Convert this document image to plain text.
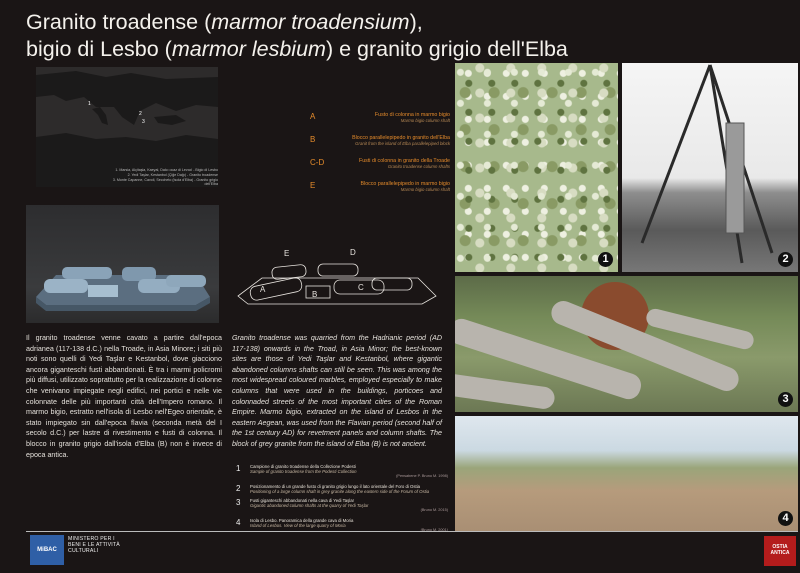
Granito troadense (marmor troadensium),
bigio di Lesbo (marmor lesbium) e granito grigio dell'Elba
1
2
3
1. Marsia, Alçitaşla, Kaeyal, Dalcı ocaz di Levıcıl - Bigio di Lesbo
2. Yedi Taşlar, Kestanbol (Çiğe Dağı) - Granito troadense
3. Monte Capanne, Cavoli, Seccheto (Isola d'Elba) - Granito grigio dell'Elba
A	Fusto di colonna in marmo bigio
Marmo bigio column shaft
B	Blocco parallelepipedo in granito dell'Elba
Granit from the island of Elba parallelepiped block
C-D	Fusti di colonna in granito della Troade
Granito troadense column shafts
E	Blocco parallelepipedo in marmo bigio
Marmo bigio column shaft
A
B
C
D
E
Il granito troadense venne cavato a partire dall'epoca adrianea (117-138 d.C.) nella Troade, in Asia Minore; i siti più noti sono quelli di Yedi Taşlar e Kestanbol, dove giacciono ancora giganteschi fusti abbandonati. È tra i marmi policromi più diffusi, utilizzato soprattutto per la realizzazione di colonne che venivano impiegate negli edifici, nei portici e nelle vie colonnate delle più importanti città dell'Impero romano. Il marmo bigio, estratto nell'isola di Lesbo nell'Egeo orientale, è stato impiegato sin dall'epoca flavia (seconda metà del I secolo d.C.) per lastre di rivestimento e fusti di colonna. Il blocco in granito grigio dall'isola d'Elba (B) non è invece di epoca antica.
Granito troadense was quarried from the Hadrianic period (AD 117-138) onwards in the Troad, in Asia Minor; the best-known sites are those of Yedi Taşlar and Kestanbol, where gigantic abandoned columns shafts can still be seen. This was among the most widespread coloured marbles, employed especially to make columns that were used in the buildings, porticoes and colonnaded streets of the most important cities of the Roman Empire. Marmo bigio, extracted on the island of Lesbos in the eastern Aegean, was used from the Flavian period (second half of the 1st century AD) for revetment panels and column shafts. The block of grey granite from the island of Elba (B) is not ancient.
1 Campione di granito troadense della Collezione Podesti
Sample of granito troadense from the Podesti Collection
(Pensabene P. Bruno M. 1998)
2 Posizionamento di un grande fusto di granito grigio lungo il lato orientale del Foro di Ostia
Positioning of a large column shaft in grey granite along the eastern side of the Forum of Ostia
3 Fusti giganteschi abbandonati nella cava di Yedi Taşlar
Gigantic abandoned column shafts at the quarry of Yedi Taşlar
(Bruno M. 2015)
4 Isola di Lesbo. Panoramica della grande cava di Moria
Island of Lesbos. View of the large quarry of Moria
1	2
3
4
MiBAC
MINISTERO PER I BENI E LE ATTIVITÀ CULTURALI
OSTIA ANTICA
